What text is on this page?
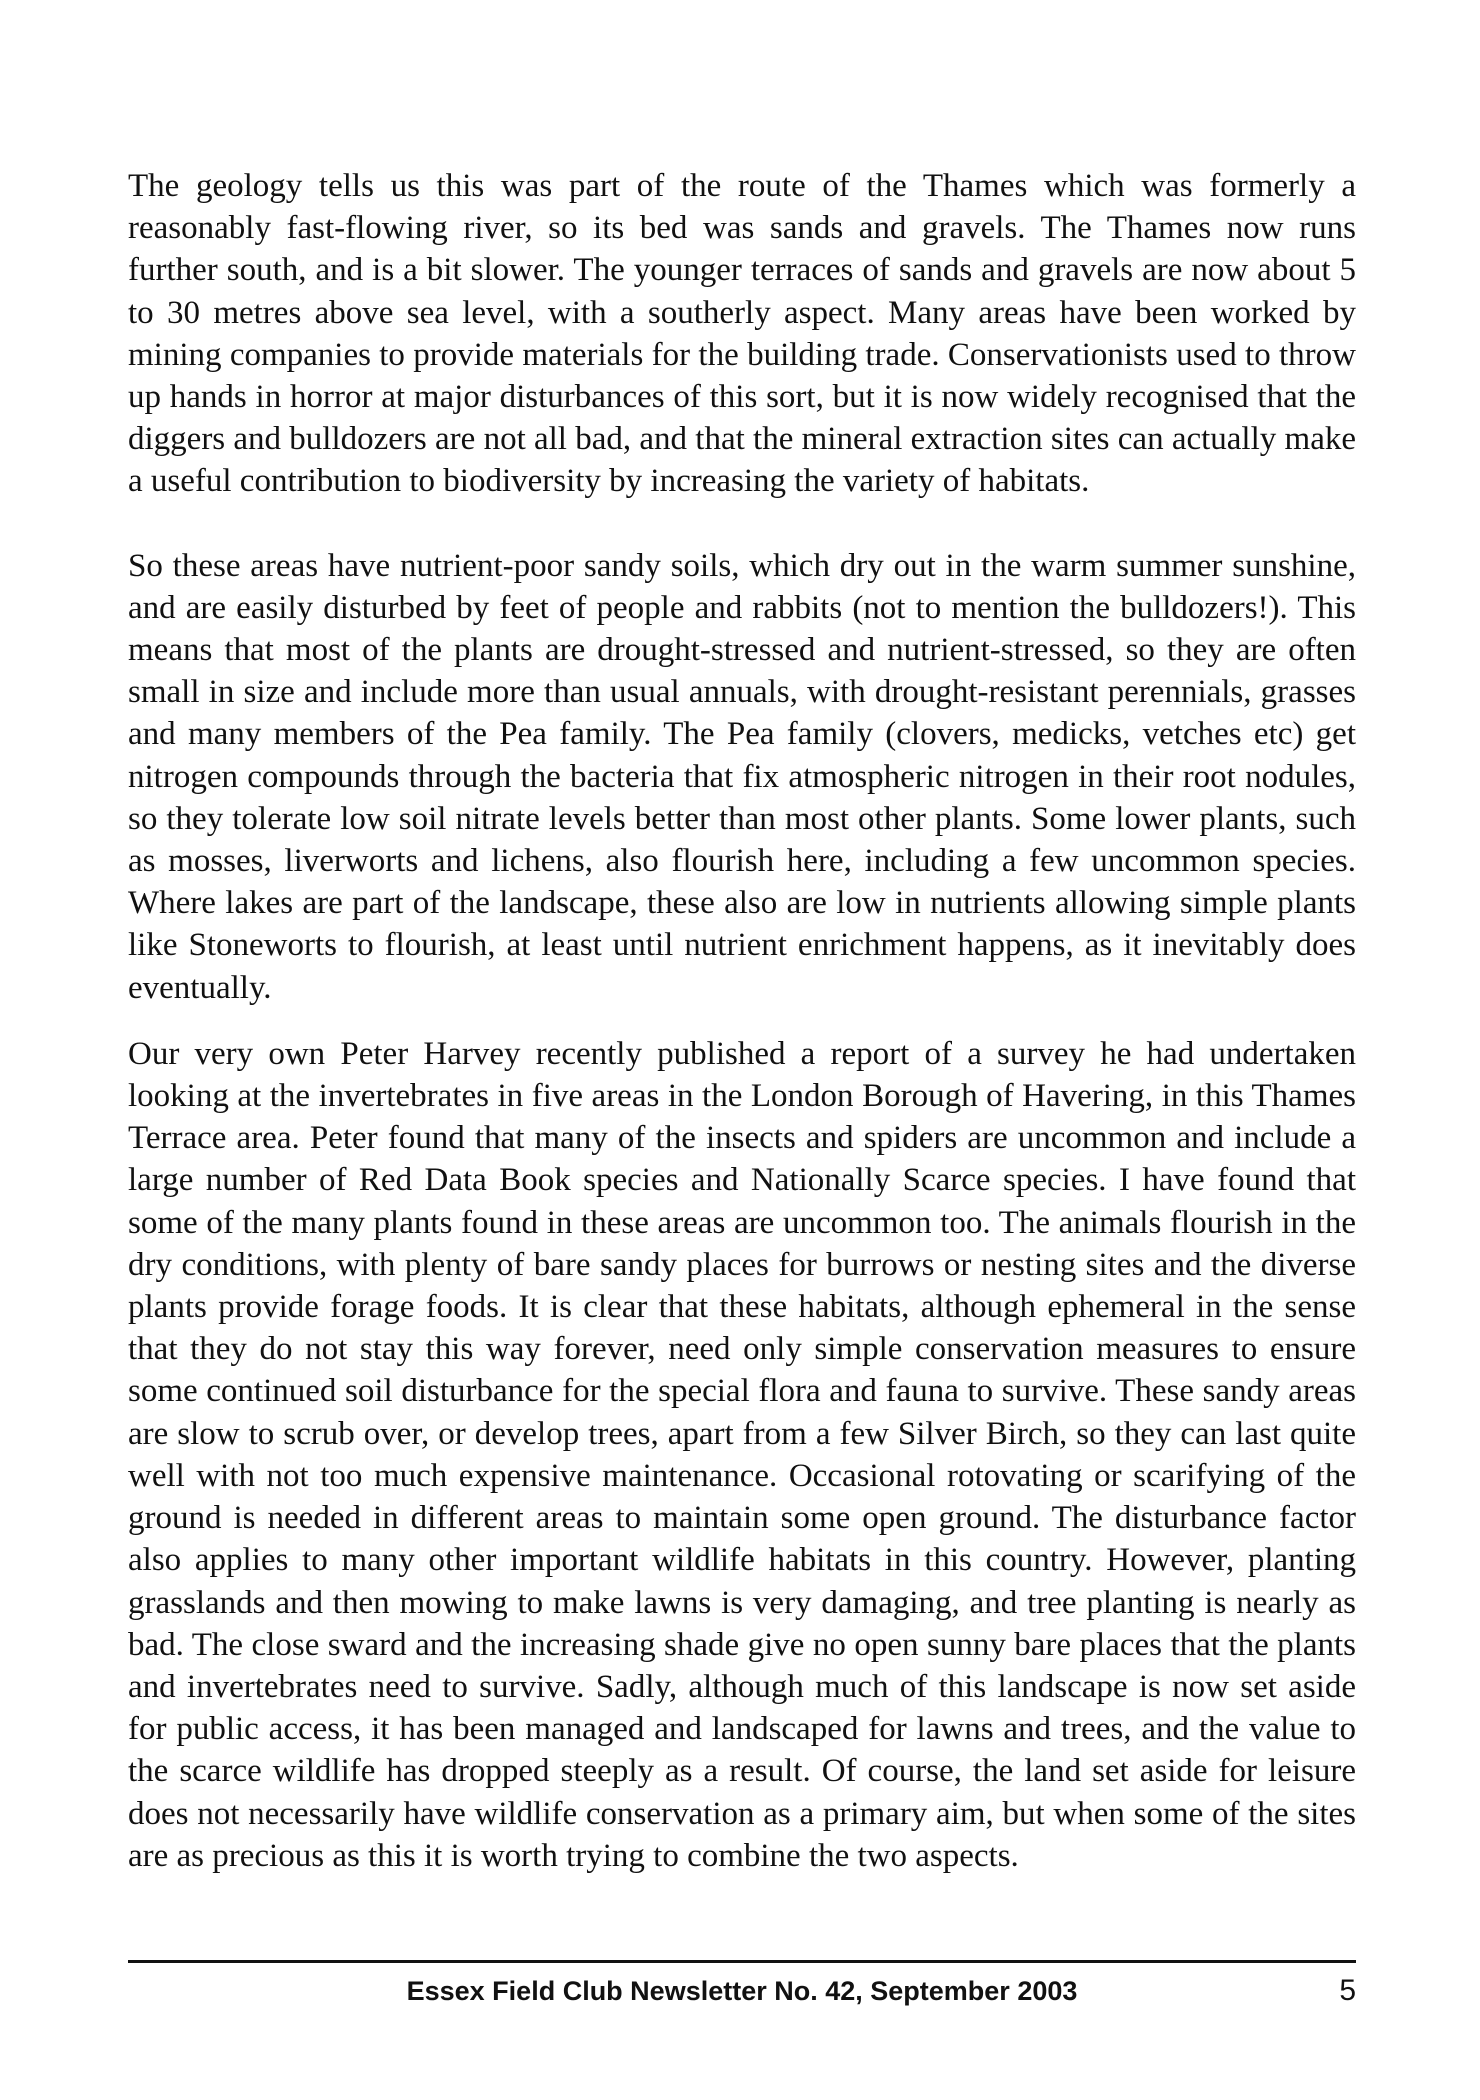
The geology tells us this was part of the route of the Thames which was formerly a reasonably fast-flowing river, so its bed was sands and gravels. The Thames now runs further south, and is a bit slower. The younger terraces of sands and gravels are now about 5 to 30 metres above sea level, with a southerly aspect. Many areas have been worked by mining companies to provide materials for the building trade. Conservationists used to throw up hands in horror at major disturbances of this sort, but it is now widely recognised that the diggers and bulldozers are not all bad, and that the mineral extraction sites can actually make a useful contribution to biodiversity by increasing the variety of habitats.

So these areas have nutrient-poor sandy soils, which dry out in the warm summer sunshine, and are easily disturbed by feet of people and rabbits (not to mention the bulldozers!). This means that most of the plants are drought-stressed and nutrient-stressed, so they are often small in size and include more than usual annuals, with drought-resistant perennials, grasses and many members of the Pea family. The Pea family (clovers, medicks, vetches etc) get nitrogen compounds through the bacteria that fix atmospheric nitrogen in their root nodules, so they tolerate low soil nitrate levels better than most other plants. Some lower plants, such as mosses, liverworts and lichens, also flourish here, including a few uncommon species. Where lakes are part of the landscape, these also are low in nutrients allowing simple plants like Stoneworts to flourish, at least until nutrient enrichment happens, as it inevitably does eventually.

Our very own Peter Harvey recently published a report of a survey he had undertaken looking at the invertebrates in five areas in the London Borough of Havering, in this Thames Terrace area. Peter found that many of the insects and spiders are uncommon and include a large number of Red Data Book species and Nationally Scarce species. I have found that some of the many plants found in these areas are uncommon too. The animals flourish in the dry conditions, with plenty of bare sandy places for burrows or nesting sites and the diverse plants provide forage foods. It is clear that these habitats, although ephemeral in the sense that they do not stay this way forever, need only simple conservation measures to ensure some continued soil disturbance for the special flora and fauna to survive. These sandy areas are slow to scrub over, or develop trees, apart from a few Silver Birch, so they can last quite well with not too much expensive maintenance. Occasional rotovating or scarifying of the ground is needed in different areas to maintain some open ground. The disturbance factor also applies to many other important wildlife habitats in this country. However, planting grasslands and then mowing to make lawns is very damaging, and tree planting is nearly as bad. The close sward and the increasing shade give no open sunny bare places that the plants and invertebrates need to survive. Sadly, although much of this landscape is now set aside for public access, it has been managed and landscaped for lawns and trees, and the value to the scarce wildlife has dropped steeply as a result. Of course, the land set aside for leisure does not necessarily have wildlife conservation as a primary aim, but when some of the sites are as precious as this it is worth trying to combine the two aspects.

Essex Field Club Newsletter No. 42, September 2003	5
